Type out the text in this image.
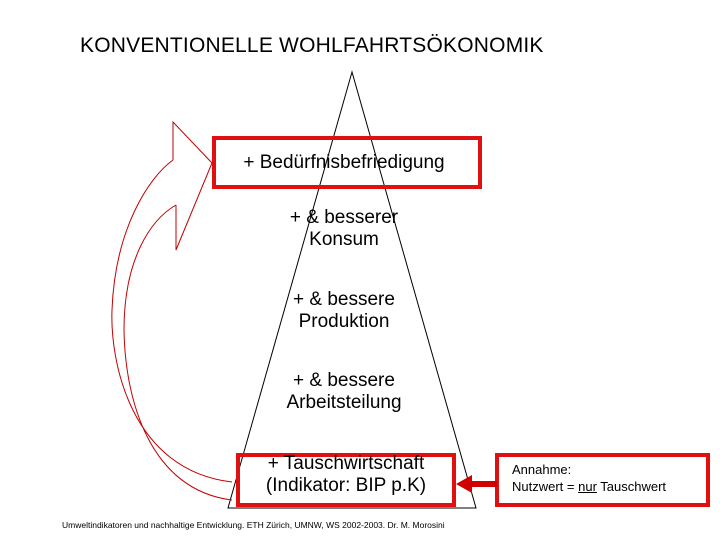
KONVENTIONELLE WOHLFAHRTSÖKONOMIK
+ Bedürfnisbefriedigung
+ & besserer
Konsum
+ & bessere
Produktion
+ & bessere
Arbeitsteilung
+ Tauschwirtschaft
(Indikator: BIP p.K)
Annahme:
Nutzwert = nur Tauschwert
Umweltindikatoren und nachhaltige Entwicklung. ETH Zürich, UMNW, WS 2002-2003. Dr. M. Morosini
